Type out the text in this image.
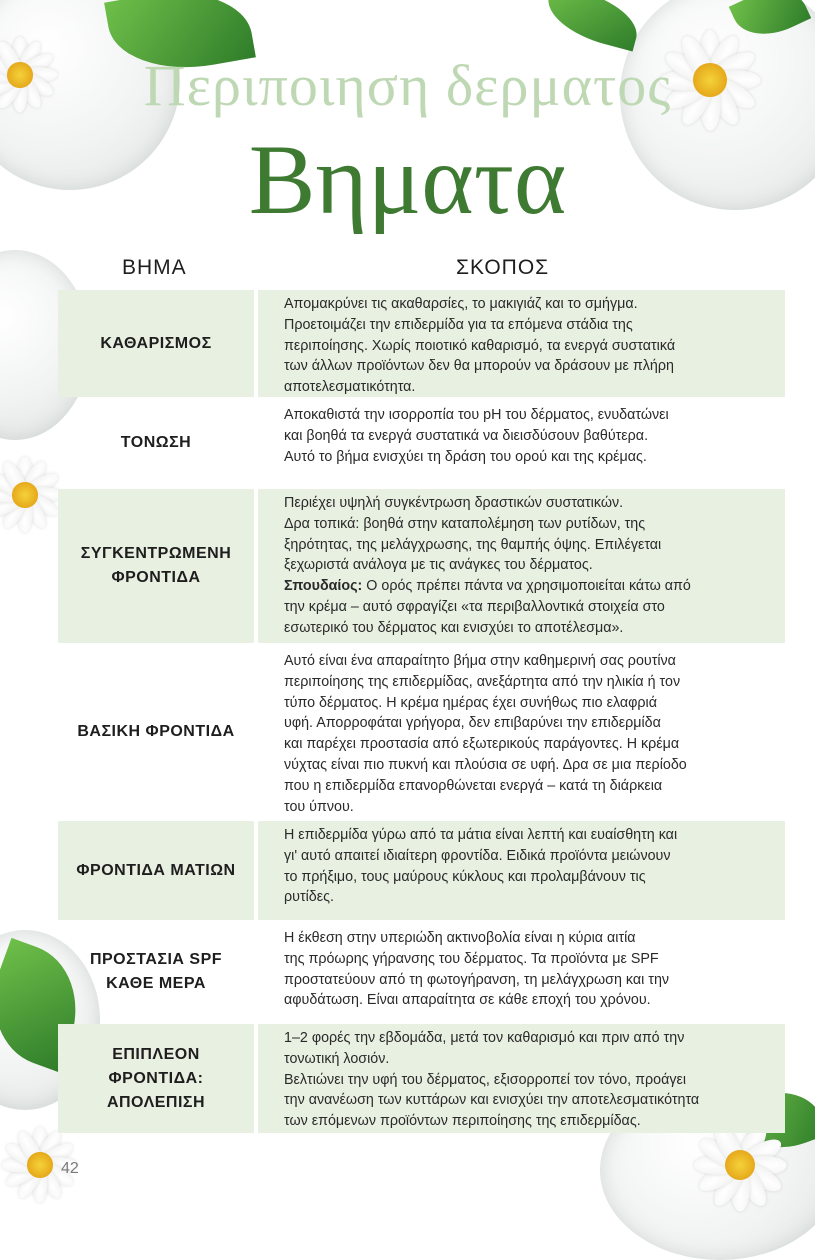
Περιποιηση δερματος
Βηματα
ΒΗΜΑ	ΣΚΟΠΟΣ
ΚΑΘΑΡΙΣΜΟΣ
Απομακρύνει τις ακαθαρσίες, το μακιγιάζ και το σμήγμα.
Προετοιμάζει την επιδερμίδα για τα επόμενα στάδια της
περιποίησης. Χωρίς ποιοτικό καθαρισμό, τα ενεργά συστατικά
των άλλων προϊόντων δεν θα μπορούν να δράσουν με πλήρη
αποτελεσματικότητα.
ΤΟΝΩΣΗ
Αποκαθιστά την ισορροπία του pH του δέρματος, ενυδατώνει
και βοηθά τα ενεργά συστατικά να διεισδύσουν βαθύτερα.
Αυτό το βήμα ενισχύει τη δράση του ορού και της κρέμας.
ΣΥΓΚΕΝΤΡΩΜΕΝΗ
ΦΡΟΝΤΙΔΑ
Περιέχει υψηλή συγκέντρωση δραστικών συστατικών.
Δρα τοπικά: βοηθά στην καταπολέμηση των ρυτίδων, της
ξηρότητας, της μελάγχρωσης, της θαμπής όψης. Επιλέγεται
ξεχωριστά ανάλογα με τις ανάγκες του δέρματος.
Σπουδαίος: Ο ορός πρέπει πάντα να χρησιμοποιείται κάτω από
την κρέμα – αυτό σφραγίζει «τα περιβαλλοντικά στοιχεία στο
εσωτερικό του δέρματος και ενισχύει το αποτέλεσμα».
ΒΑΣΙΚΗ ΦΡΟΝΤΙΔΑ
Αυτό είναι ένα απαραίτητο βήμα στην καθημερινή σας ρουτίνα
περιποίησης της επιδερμίδας, ανεξάρτητα από την ηλικία ή τον
τύπο δέρματος. Η κρέμα ημέρας έχει συνήθως πιο ελαφριά
υφή. Απορροφάται γρήγορα, δεν επιβαρύνει την επιδερμίδα
και παρέχει προστασία από εξωτερικούς παράγοντες. Η κρέμα
νύχτας είναι πιο πυκνή και πλούσια σε υφή. Δρα σε μια περίοδο
που η επιδερμίδα επανορθώνεται ενεργά – κατά τη διάρκεια
του ύπνου.
ΦΡΟΝΤΙΔΑ ΜΑΤΙΩΝ
Η επιδερμίδα γύρω από τα μάτια είναι λεπτή και ευαίσθητη και
γι' αυτό απαιτεί ιδιαίτερη φροντίδα. Ειδικά προϊόντα μειώνουν
το πρήξιμο, τους μαύρους κύκλους και προλαμβάνουν τις
ρυτίδες.
ΠΡΟΣΤΑΣΙΑ SPF
ΚΑΘΕ ΜΕΡΑ
Η έκθεση στην υπεριώδη ακτινοβολία είναι η κύρια αιτία
της πρόωρης γήρανσης του δέρματος. Τα προϊόντα με SPF
προστατεύουν από τη φωτογήρανση, τη μελάγχρωση και την
αφυδάτωση. Είναι απαραίτητα σε κάθε εποχή του χρόνου.
ΕΠΙΠΛΕΟΝ
ΦΡΟΝΤΙΔΑ:
ΑΠΟΛΕΠΙΣΗ
1–2 φορές την εβδομάδα, μετά τον καθαρισμό και πριν από την
τονωτική λοσιόν.
Βελτιώνει την υφή του δέρματος, εξισορροπεί τον τόνο, προάγει
την ανανέωση των κυττάρων και ενισχύει την αποτελεσματικότητα
των επόμενων προϊόντων περιποίησης της επιδερμίδας.
42
